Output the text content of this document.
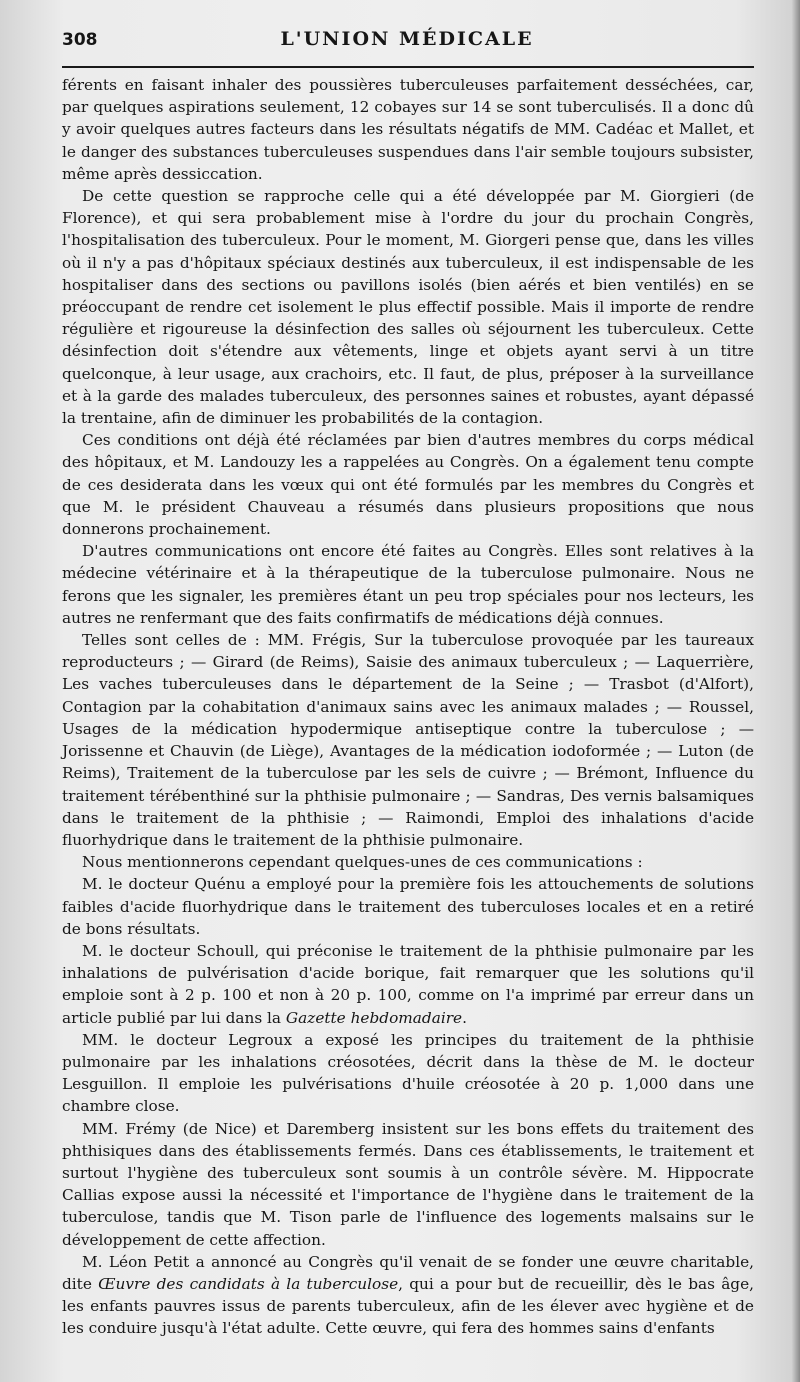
308	L'UNION MÉDICALE

férents en faisant inhaler des poussières tuberculeuses parfaitement desséchées, car, par quelques aspirations seulement, 12 cobayes sur 14 se sont tuberculisés. Il a donc dû y avoir quelques autres facteurs dans les résultats négatifs de MM. Cadéac et Mallet, et le danger des substances tuberculeuses suspendues dans l'air semble toujours subsister, même après dessiccation.

De cette question se rapproche celle qui a été développée par M. Giorgieri (de Florence), et qui sera probablement mise à l'ordre du jour du prochain Congrès, l'hospitalisation des tuberculeux. Pour le moment, M. Giorgeri pense que, dans les villes où il n'y a pas d'hôpitaux spéciaux destinés aux tuberculeux, il est indispensable de les hospitaliser dans des sections ou pavillons isolés (bien aérés et bien ventilés) en se préoccupant de rendre cet isolement le plus effectif possible. Mais il importe de rendre régulière et rigoureuse la désinfection des salles où séjournent les tuberculeux. Cette désinfection doit s'étendre aux vêtements, linge et objets ayant servi à un titre quelconque, à leur usage, aux crachoirs, etc. Il faut, de plus, préposer à la surveillance et à la garde des malades tuberculeux, des personnes saines et robustes, ayant dépassé la trentaine, afin de diminuer les probabilités de la contagion.

Ces conditions ont déjà été réclamées par bien d'autres membres du corps médical des hôpitaux, et M. Landouzy les a rappelées au Congrès. On a également tenu compte de ces desiderata dans les vœux qui ont été formulés par les membres du Congrès et que M. le président Chauveau a résumés dans plusieurs propositions que nous donnerons prochainement.

D'autres communications ont encore été faites au Congrès. Elles sont relatives à la médecine vétérinaire et à la thérapeutique de la tuberculose pulmonaire. Nous ne ferons que les signaler, les premières étant un peu trop spéciales pour nos lecteurs, les autres ne renfermant que des faits confirmatifs de médications déjà connues.

Telles sont celles de : MM. Frégis, Sur la tuberculose provoquée par les taureaux reproducteurs ; — Girard (de Reims), Saisie des animaux tuberculeux ; — Laquerrière, Les vaches tuberculeuses dans le département de la Seine ; — Trasbot (d'Alfort), Contagion par la cohabitation d'animaux sains avec les animaux malades ; — Roussel, Usages de la médication hypodermique antiseptique contre la tuberculose ; — Jorissenne et Chauvin (de Liège), Avantages de la médication iodoformée ; — Luton (de Reims), Traitement de la tuberculose par les sels de cuivre ; — Brémont, Influence du traitement térébenthiné sur la phthisie pulmonaire ; — Sandras, Des vernis balsamiques dans le traitement de la phthisie ; — Raimondi, Emploi des inhalations d'acide fluorhydrique dans le traitement de la phthisie pulmonaire.

Nous mentionnerons cependant quelques-unes de ces communications :

M. le docteur Quénu a employé pour la première fois les attouchements de solutions faibles d'acide fluorhydrique dans le traitement des tuberculoses locales et en a retiré de bons résultats.

M. le docteur Schoull, qui préconise le traitement de la phthisie pulmonaire par les inhalations de pulvérisation d'acide borique, fait remarquer que les solutions qu'il emploie sont à 2 p. 100 et non à 20 p. 100, comme on l'a imprimé par erreur dans un article publié par lui dans la Gazette hebdomadaire.

MM. le docteur Legroux a exposé les principes du traitement de la phthisie pulmonaire par les inhalations créosotées, décrit dans la thèse de M. le docteur Lesguillon. Il emploie les pulvérisations d'huile créosotée à 20 p. 1,000 dans une chambre close.

MM. Frémy (de Nice) et Daremberg insistent sur les bons effets du traitement des phthisiques dans des établissements fermés. Dans ces établissements, le traitement et surtout l'hygiène des tuberculeux sont soumis à un contrôle sévère. M. Hippocrate Callias expose aussi la nécessité et l'importance de l'hygiène dans le traitement de la tuberculose, tandis que M. Tison parle de l'influence des logements malsains sur le développement de cette affection.

M. Léon Petit a annoncé au Congrès qu'il venait de se fonder une œuvre charitable, dite Œuvre des candidats à la tuberculose, qui a pour but de recueillir, dès le bas âge, les enfants pauvres issus de parents tuberculeux, afin de les élever avec hygiène et de les conduire jusqu'à l'état adulte. Cette œuvre, qui fera des hommes sains d'enfants
